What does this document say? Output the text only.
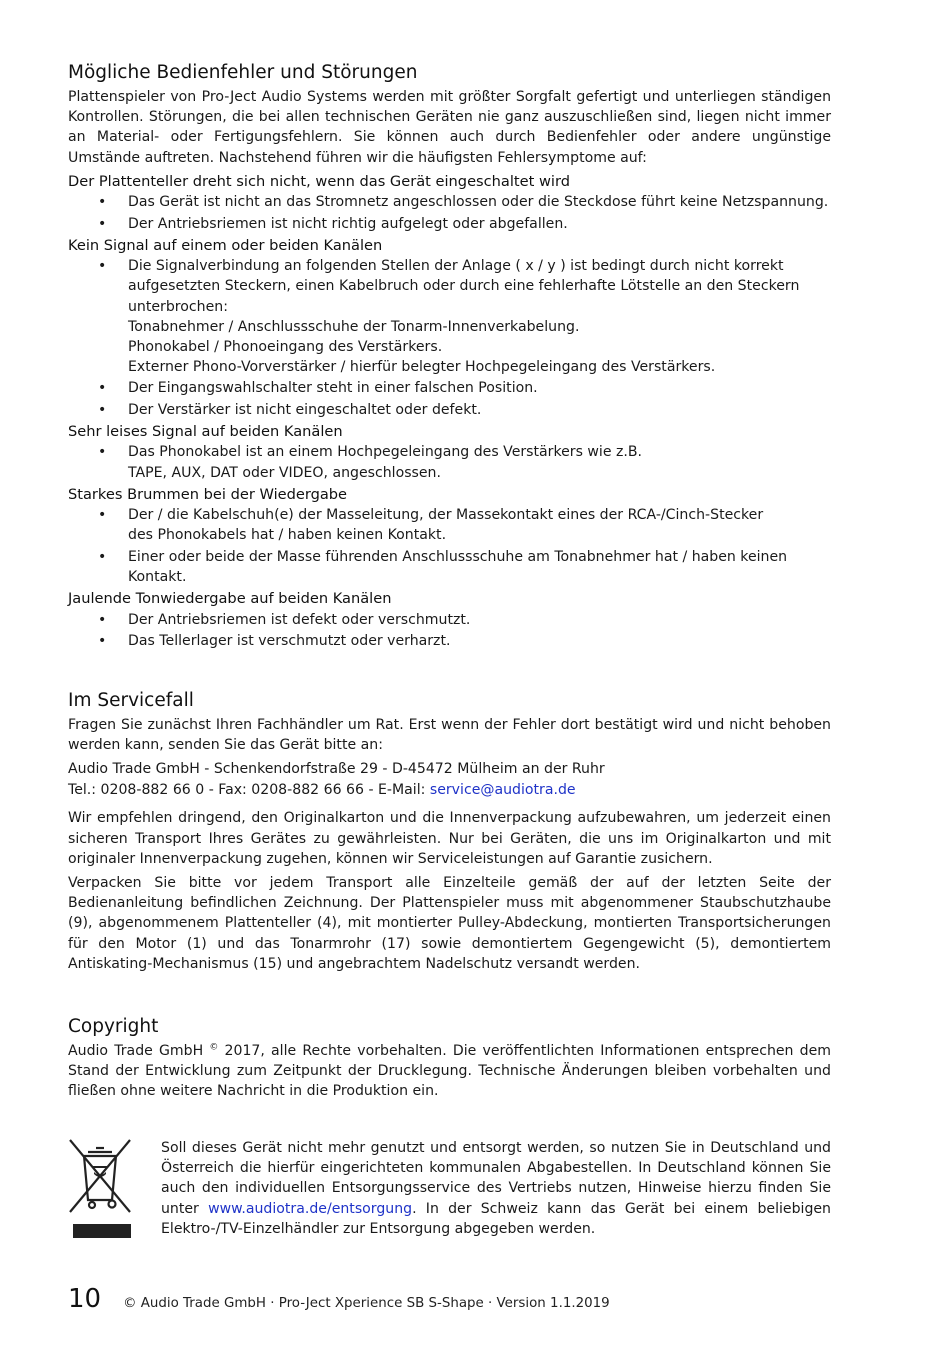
Mögliche Bedienfehler und Störungen

Plattenspieler von Pro-Ject Audio Systems werden mit größter Sorgfalt gefertigt und unterliegen ständigen Kontrollen. Störungen, die bei allen technischen Geräten nie ganz auszuschließen sind, liegen nicht immer an Material- oder Fertigungsfehlern. Sie können auch durch Bedienfehler oder andere ungünstige Umstände auftreten. Nachstehend führen wir die häufigsten Fehlersymptome auf:

Der Plattenteller dreht sich nicht, wenn das Gerät eingeschaltet wird
• Das Gerät ist nicht an das Stromnetz angeschlossen oder die Steckdose führt keine Netzspannung.
• Der Antriebsriemen ist nicht richtig aufgelegt oder abgefallen.
Kein Signal auf einem oder beiden Kanälen
• Die Signalverbindung an folgenden Stellen der Anlage ( x / y ) ist bedingt durch nicht korrekt aufgesetzten Steckern, einen Kabelbruch oder durch eine fehlerhafte Lötstelle an den Steckern unterbrochen:
Tonabnehmer / Anschlussschuhe der Tonarm-Innenverkabelung.
Phonokabel / Phonoeingang des Verstärkers.
Externer Phono-Vorverstärker / hierfür belegter Hochpegeleingang des Verstärkers.
• Der Eingangswahlschalter steht in einer falschen Position.
• Der Verstärker ist nicht eingeschaltet oder defekt.
Sehr leises Signal auf beiden Kanälen
• Das Phonokabel ist an einem Hochpegeleingang des Verstärkers wie z.B. TAPE, AUX, DAT oder VIDEO, angeschlossen.
Starkes Brummen bei der Wiedergabe
• Der / die Kabelschuh(e) der Masseleitung, der Massekontakt eines der RCA-/Cinch-Stecker des Phonokabels hat / haben keinen Kontakt.
• Einer oder beide der Masse führenden Anschlussschuhe am Tonabnehmer hat / haben keinen Kontakt.
Jaulende Tonwiedergabe auf beiden Kanälen
• Der Antriebsriemen ist defekt oder verschmutzt.
• Das Tellerlager ist verschmutzt oder verharzt.
Im Servicefall

Fragen Sie zunächst Ihren Fachhändler um Rat. Erst wenn der Fehler dort bestätigt wird und nicht behoben werden kann, senden Sie das Gerät bitte an:

Audio Trade GmbH - Schenkendorfstraße 29 - D-45472 Mülheim an der Ruhr

Tel.: 0208-882 66 0 - Fax: 0208-882 66 66 - E-Mail: service@audiotra.de

Wir empfehlen dringend, den Originalkarton und die Innenverpackung aufzubewahren, um jederzeit einen sicheren Transport Ihres Gerätes zu gewährleisten. Nur bei Geräten, die uns im Originalkarton und mit originaler Innenverpackung zugehen, können wir Serviceleistungen auf Garantie zusichern.

Verpacken Sie bitte vor jedem Transport alle Einzelteile gemäß der auf der letzten Seite der Bedienanleitung befindlichen Zeichnung. Der Plattenspieler muss mit abgenommener Staubschutzhaube (9), abgenommenem Plattenteller (4), mit montierter Pulley-Abdeckung, montierten Transportsicherungen für den Motor (1) und das Tonarmrohr (17) sowie demontiertem Gegengewicht (5), demontiertem Antiskating-Mechanismus (15) und angebrachtem Nadelschutz versandt werden.

Copyright

Audio Trade GmbH © 2017, alle Rechte vorbehalten. Die veröffentlichten Informationen entsprechen dem Stand der Entwicklung zum Zeitpunkt der Drucklegung. Technische Änderungen bleiben vorbehalten und fließen ohne weitere Nachricht in die Produktion ein.

Soll dieses Gerät nicht mehr genutzt und entsorgt werden, so nutzen Sie in Deutschland und Österreich die hierfür eingerichteten kommunalen Abgabestellen. In Deutschland können Sie auch den individuellen Entsorgungsservice des Vertriebs nutzen, Hinweise hierzu finden Sie unter www.audiotra.de/entsorgung. In der Schweiz kann das Gerät bei einem beliebigen Elektro-/TV-Einzelhändler zur Entsorgung abgegeben werden.
10 © Audio Trade GmbH · Pro-Ject Xperience SB S-Shape · Version 1.1.2019
